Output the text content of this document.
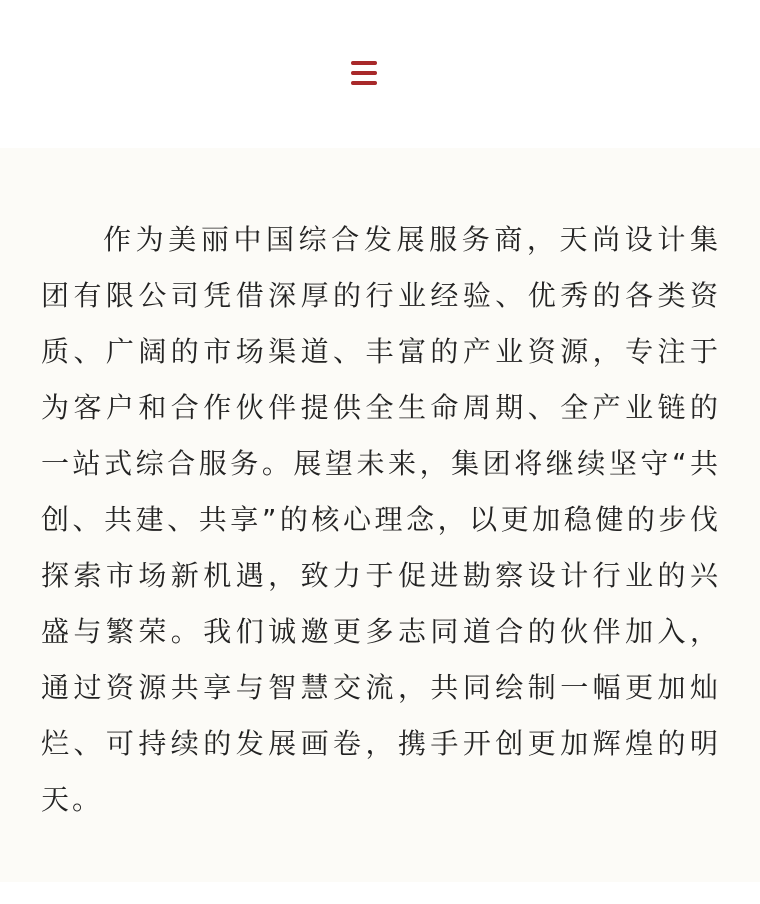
作为美丽中国综合发展服务商，天尚设计集团有限公司凭借深厚的行业经验、优秀的各类资质、广阔的市场渠道、丰富的产业资源，专注于为客户和合作伙伴提供全生命周期、全产业链的一站式综合服务。展望未来，集团将继续坚守“共创、共建、共享”的核心理念，以更加稳健的步伐探索市场新机遇，致力于促进勘察设计行业的兴盛与繁荣。我们诚邀更多志同道合的伙伴加入，通过资源共享与智慧交流，共同绘制一幅更加灿烂、可持续的发展画卷，携手开创更加辉煌的明天。
